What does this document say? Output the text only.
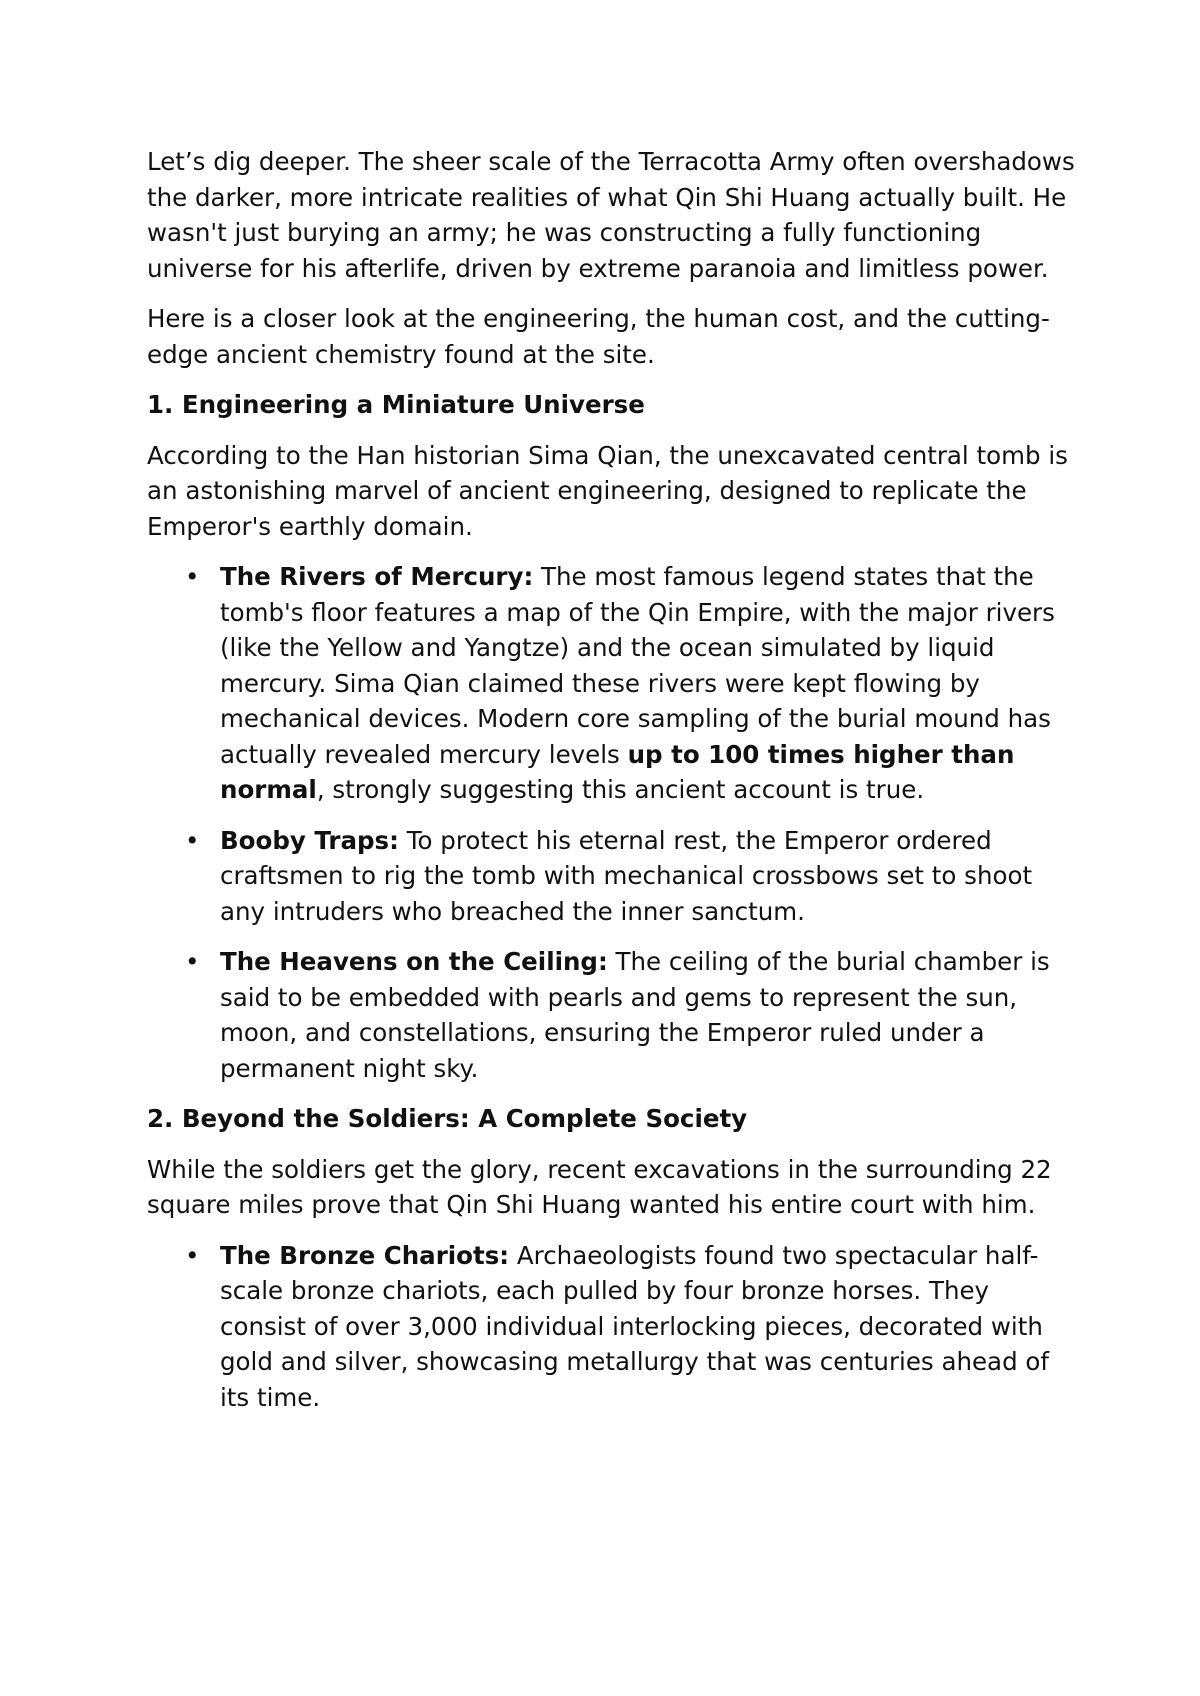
Let’s dig deeper. The sheer scale of the Terracotta Army often overshadows the darker, more intricate realities of what Qin Shi Huang actually built. He wasn't just burying an army; he was constructing a fully functioning universe for his afterlife, driven by extreme paranoia and limitless power.

Here is a closer look at the engineering, the human cost, and the cutting-edge ancient chemistry found at the site.

1. Engineering a Miniature Universe

According to the Han historian Sima Qian, the unexcavated central tomb is an astonishing marvel of ancient engineering, designed to replicate the Emperor's earthly domain.

• The Rivers of Mercury: The most famous legend states that the tomb's floor features a map of the Qin Empire, with the major rivers (like the Yellow and Yangtze) and the ocean simulated by liquid mercury. Sima Qian claimed these rivers were kept flowing by mechanical devices. Modern core sampling of the burial mound has actually revealed mercury levels up to 100 times higher than normal, strongly suggesting this ancient account is true.
• Booby Traps: To protect his eternal rest, the Emperor ordered craftsmen to rig the tomb with mechanical crossbows set to shoot any intruders who breached the inner sanctum.
• The Heavens on the Ceiling: The ceiling of the burial chamber is said to be embedded with pearls and gems to represent the sun, moon, and constellations, ensuring the Emperor ruled under a permanent night sky.
2. Beyond the Soldiers: A Complete Society

While the soldiers get the glory, recent excavations in the surrounding 22 square miles prove that Qin Shi Huang wanted his entire court with him.

• The Bronze Chariots: Archaeologists found two spectacular half-scale bronze chariots, each pulled by four bronze horses. They consist of over 3,000 individual interlocking pieces, decorated with gold and silver, showcasing metallurgy that was centuries ahead of its time.
